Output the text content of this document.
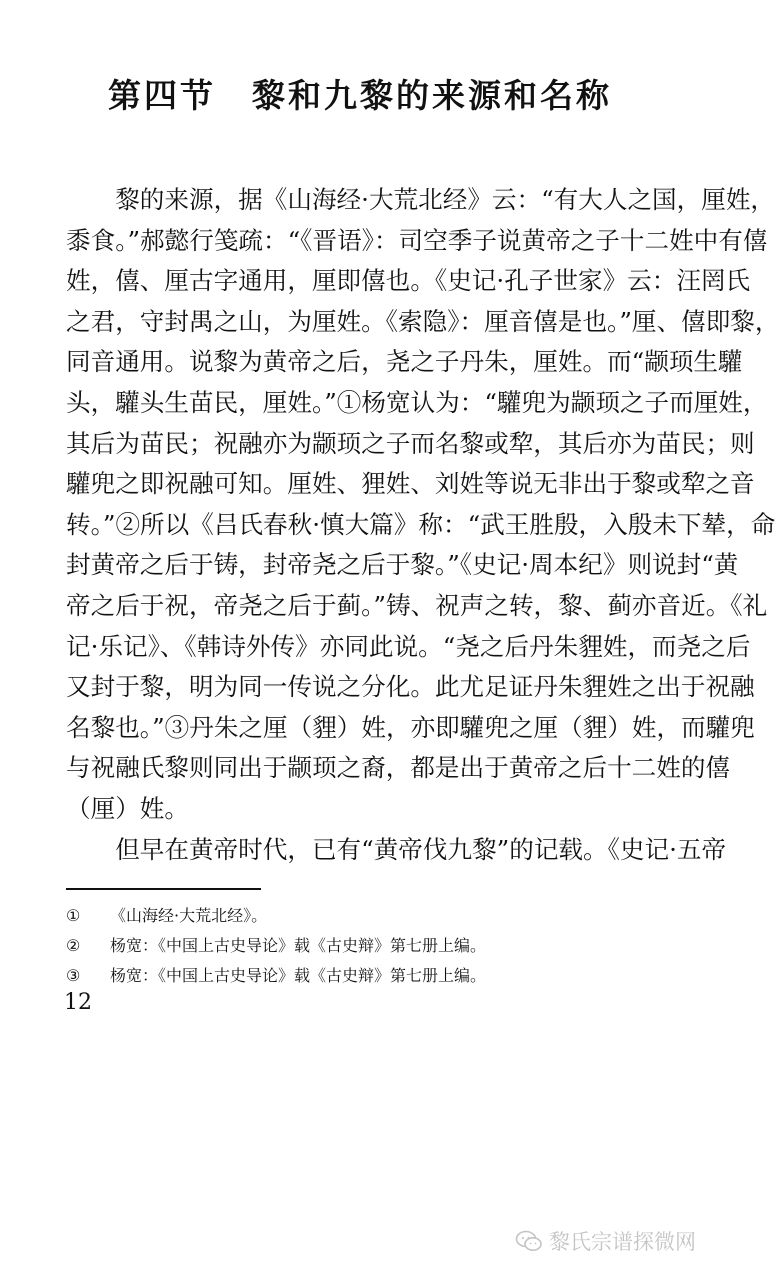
第四节　黎和九黎的来源和名称
　　黎的来源，据《山海经·大荒北经》云：“有大人之国，厘姓，
黍食。”郝懿行笺疏：“《晋语》：司空季子说黄帝之子十二姓中有僖
姓，僖、厘古字通用，厘即僖也。《史记·孔子世家》云：汪罔氏
之君，守封禺之山，为厘姓。《索隐》：厘音僖是也。”厘、僖即黎，
同音通用。说黎为黄帝之后，尧之子丹朱，厘姓。而“颛顼生驩
头，驩头生苗民，厘姓。”①杨宽认为：“驩兜为颛顼之子而厘姓，
其后为苗民；祝融亦为颛顼之子而名黎或犂，其后亦为苗民；则
驩兜之即祝融可知。厘姓、狸姓、刘姓等说无非出于黎或犂之音
转。”②所以《吕氏春秋·慎大篇》称：“武王胜殷，入殷未下辇，命
封黄帝之后于铸，封帝尧之后于黎。”《史记·周本纪》则说封“黄
帝之后于祝，帝尧之后于蓟。”铸、祝声之转，黎、蓟亦音近。《礼
记·乐记》、《韩诗外传》亦同此说。“尧之后丹朱貍姓，而尧之后
又封于黎，明为同一传说之分化。此尤足证丹朱貍姓之出于祝融
名黎也。”③丹朱之厘（貍）姓，亦即驩兜之厘（貍）姓，而驩兜
与祝融氏黎则同出于颛顼之裔，都是出于黄帝之后十二姓的僖
（厘）姓。
　　但早在黄帝时代，已有“黄帝伐九黎”的记载。《史记·五帝
① 《山海经·大荒北经》。
② 杨宽：《中国上古史导论》载《古史辩》第七册上编。
③ 杨宽：《中国上古史导论》载《古史辩》第七册上编。
12
黎氏宗谱探微网
